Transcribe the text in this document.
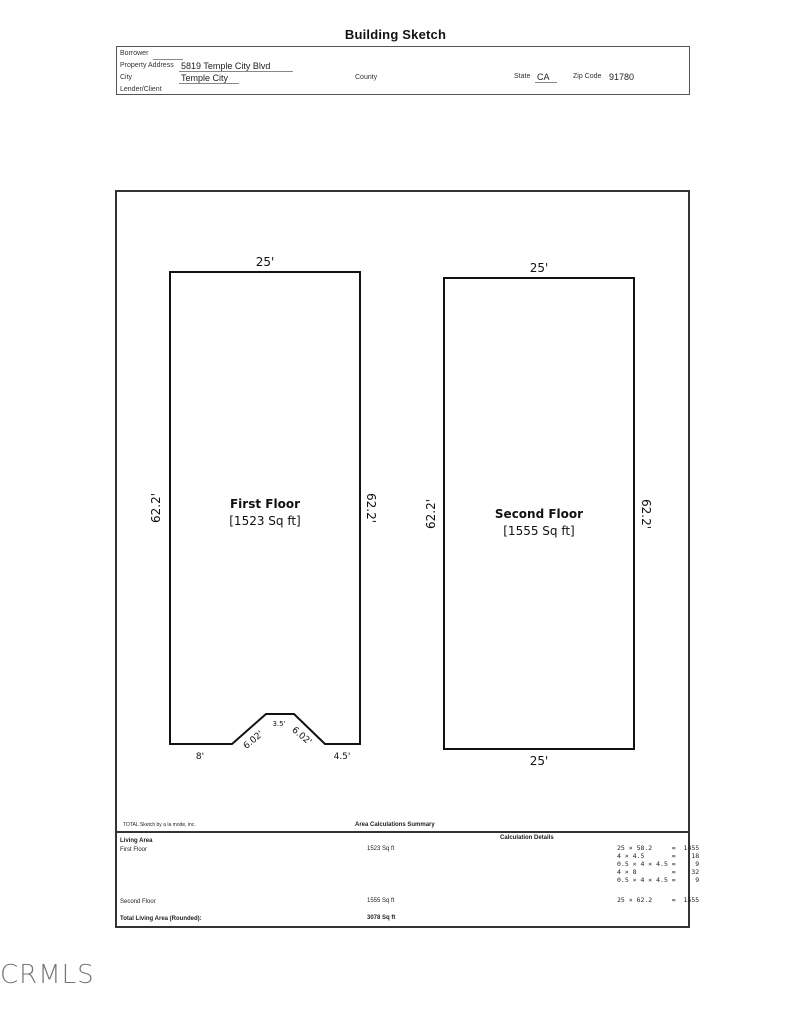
Building Sketch
Borrower
Property Address 5819 Temple City Blvd
City	Temple City	County	State CA	Zip Code 91780
Lender/Client
25'
62.2'	62.2'
First Floor
[1523 Sq ft]
8'
6.02'
3.5'
6.02'
4.5'
25'
62.2'	62.2'
Second Floor
[1555 Sq ft]
25'
TOTAL Sketch by a la mode, inc.	Area Calculations Summary
Living Area	Calculation Details
First Floor	1523 Sq ft	25 × 58.2     =  1455
4 × 4.5       =    18
0.5 × 4 × 4.5 =     9
4 × 8         =    32
0.5 × 4 × 4.5 =     9
Second Floor	1555 Sq ft	25 × 62.2     =  1555
Total Living Area (Rounded):	3078 Sq ft
CRMLS
